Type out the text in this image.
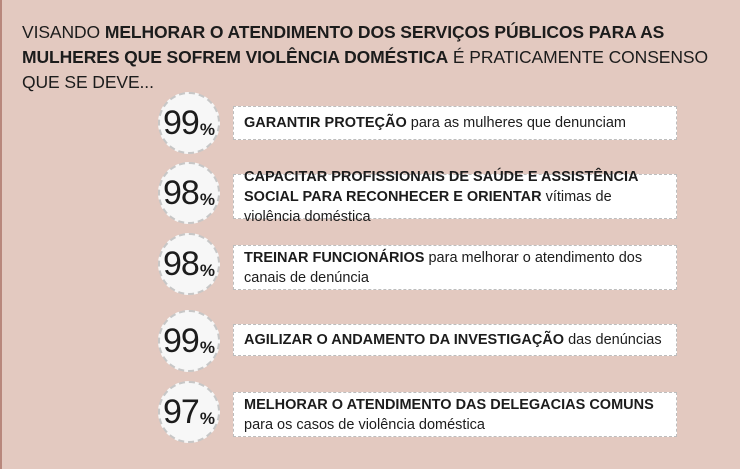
VISANDO MELHORAR O ATENDIMENTO DOS SERVIÇOS PÚBLICOS PARA AS MULHERES QUE SOFREM VIOLÊNCIA DOMÉSTICA É PRATICAMENTE CONSENSO QUE SE DEVE...
99 % GARANTIR PROTEÇÃO para as mulheres que denunciam
98 %
CAPACITAR PROFISSIONAIS DE SAÚDE E ASSISTÊNCIA SOCIAL PARA RECONHECER E ORIENTAR vítimas de violência doméstica
98 %
TREINAR FUNCIONÁRIOS para melhorar o atendimento dos canais de denúncia
99 % AGILIZAR O ANDAMENTO DA INVESTIGAÇÃO das denúncias
97 %
MELHORAR O ATENDIMENTO DAS DELEGACIAS COMUNS para os casos de violência doméstica
